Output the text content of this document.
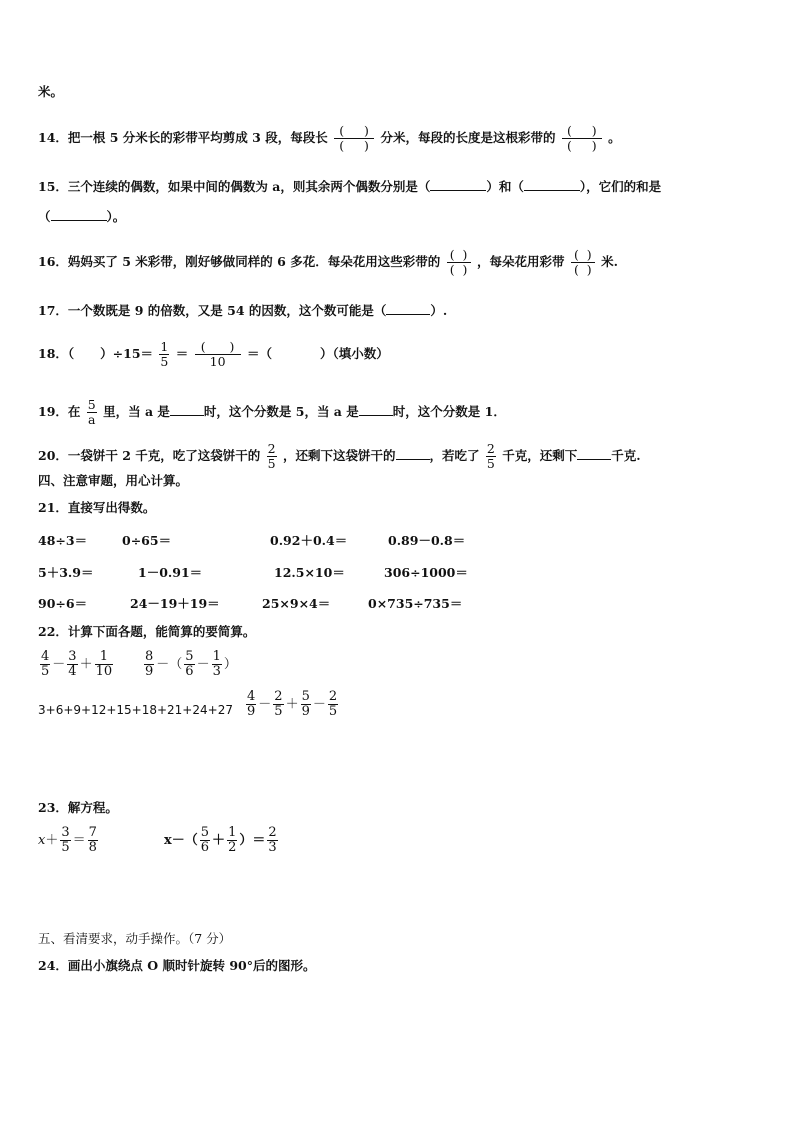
米。
14．把一根 5 分米长的彩带平均剪成 3 段，每段长 $\frac{( )}{( )}$ 分米，每段的长度是这根彩带的 $\frac{( )}{( )}$ 。
15．三个连续的偶数，如果中间的偶数为 a，则其余两个偶数分别是（	）和（	），它们的和是
（	）。
16．妈妈买了 5 米彩带，刚好够做同样的 6 多花．每朵花用这些彩带的 $\frac{( )}{( )}$ ，每朵花用彩带 $\frac{( )}{( )}$ 米.
17．一个数既是 9 的倍数，又是 54 的因数，这个数可能是（	）.
18．（ ）$\div 15= \frac{1}{5} = \frac{( )}{10}$ ＝（	）（填小数）
19．在 $\frac{5}{a}$ 里，当 a 是	时，这个分数是 5，当 a 是	时，这个分数是 1．
20．一袋饼干 2 千克，吃了这袋饼干的 $\frac{2}{5}$ ，还剩下这袋饼干的	，若吃了 $\frac{2}{5}$ 千克，还剩下	千克.
四、注意审题，用心计算。
21．直接写出得数。
48÷3＝	0÷65＝	0.92＋0.4＝	0.89－0.8＝
5＋3.9＝	1－0.91＝	12.5×10＝	306÷1000＝
90÷6＝	24－19＋19＝	25×9×4＝	0×735÷735＝
22．计算下面各题，能简算的要简算。
$\frac{4}{5} - \frac{3}{4} + \frac{1}{10} \frac{8}{9}$ －（ $\frac{5}{6} - \frac{1}{3}$ ）
$3+6+9+12+15+18+21+24+27 \frac{4}{9} - \frac{2}{5} + \frac{5}{9} - \frac{2}{5}$
23．解方程。
$x+ \frac{3}{5} = \frac{7}{8}$	$x-( \frac{5}{6} + \frac{1}{2}$ ）＝ $\frac{2}{3}$
五、看清要求，动手操作。（7 分）
24．画出小旗绕点 O 顺时针旋转 90°后的图形。
